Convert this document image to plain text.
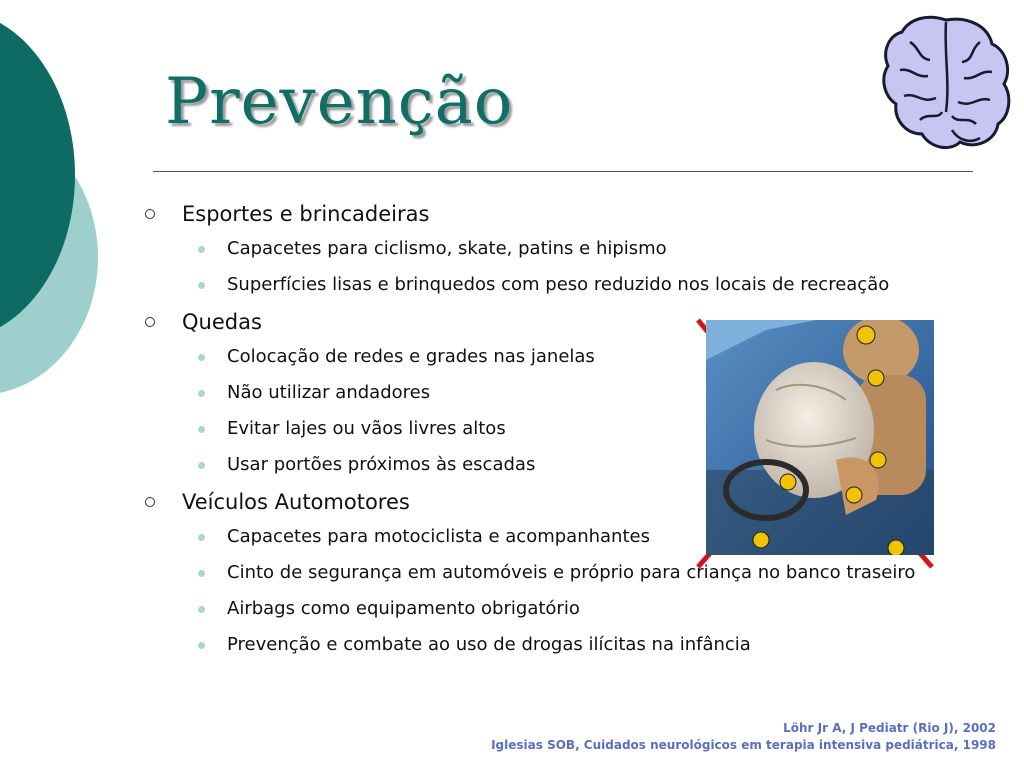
Prevenção
Esportes e brincadeiras
Capacetes para ciclismo, skate, patins e hipismo
Superfícies lisas e brinquedos com peso reduzido nos locais de recreação
Quedas
Colocação de redes e grades nas janelas
Não utilizar andadores
Evitar lajes ou vãos livres altos
Usar portões próximos às escadas
Veículos Automotores
Capacetes para motociclista e acompanhantes
Cinto de segurança em automóveis e próprio para criança no banco traseiro
Airbags como equipamento obrigatório
Prevenção e combate ao uso de drogas ilícitas na infância
Löhr Jr A, J Pediatr (Rio J), 2002
Iglesias SOB, Cuidados neurológicos em terapia intensiva pediátrica, 1998
